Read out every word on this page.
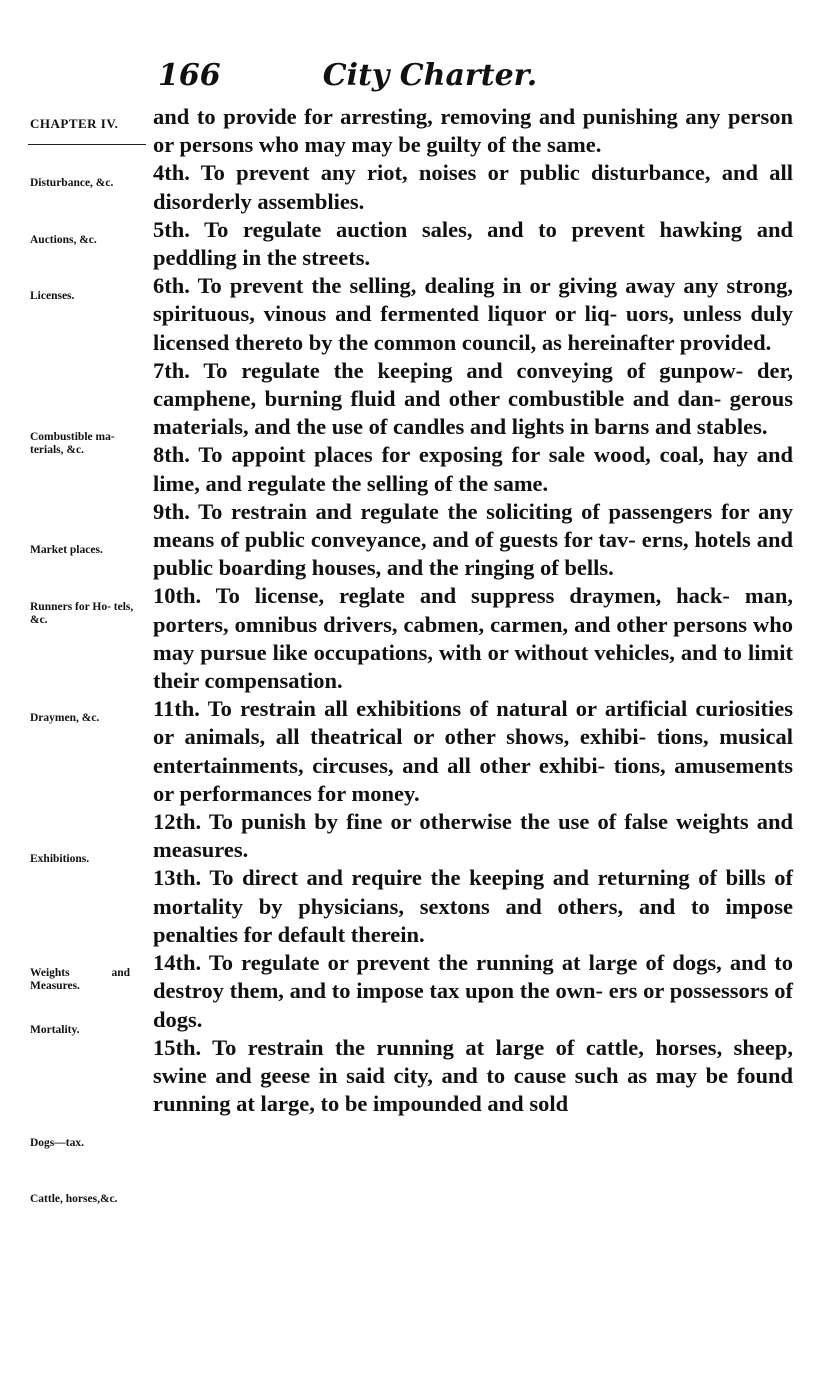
166	City Charter.
CHAPTER IV. and to provide for arresting, removing and punishing any person or persons who may may be guilty of the same.

4th. To prevent any riot, noises or public disturbance, and all disorderly assemblies.

5th. To regulate auction sales, and to prevent hawking and peddling in the streets.

6th. To prevent the selling, dealing in or giving away any strong, spirituous, vinous and fermented liquor or liq- uors, unless duly licensed thereto by the common council, as hereinafter provided.

7th. To regulate the keeping and conveying of gunpow- der, camphene, burning fluid and other combustible and dan- gerous materials, and the use of candles and lights in barns and stables.

8th. To appoint places for exposing for sale wood, coal, hay and lime, and regulate the selling of the same.

9th. To restrain and regulate the soliciting of passengers for any means of public conveyance, and of guests for tav- erns, hotels and public boarding houses, and the ringing of bells.

10th. To license, reglate and suppress draymen, hack- man, porters, omnibus drivers, cabmen, carmen, and other persons who may pursue like occupations, with or without vehicles, and to limit their compensation.

11th. To restrain all exhibitions of natural or artificial curiosities or animals, all theatrical or other shows, exhibi- tions, musical entertainments, circuses, and all other exhibi- tions, amusements or performances for money.

12th. To punish by fine or otherwise the use of false weights and measures.

13th. To direct and require the keeping and returning of bills of mortality by physicians, sextons and others, and to impose penalties for default therein.

14th. To regulate or prevent the running at large of dogs, and to destroy them, and to impose tax upon the own- ers or possessors of dogs.

15th. To restrain the running at large of cattle, horses, sheep, swine and geese in said city, and to cause such as may be found running at large, to be impounded and sold

Disturbance, &c.
Auctions, &c.
Licenses.
Combustible ma- terials, &c.
Market places.
Runners for Ho- tels, &c.
Draymen, &c.
Exhibitions.
Weights and Measures.
Mortality.
Dogs—tax.
Cattle, horses,&c.
